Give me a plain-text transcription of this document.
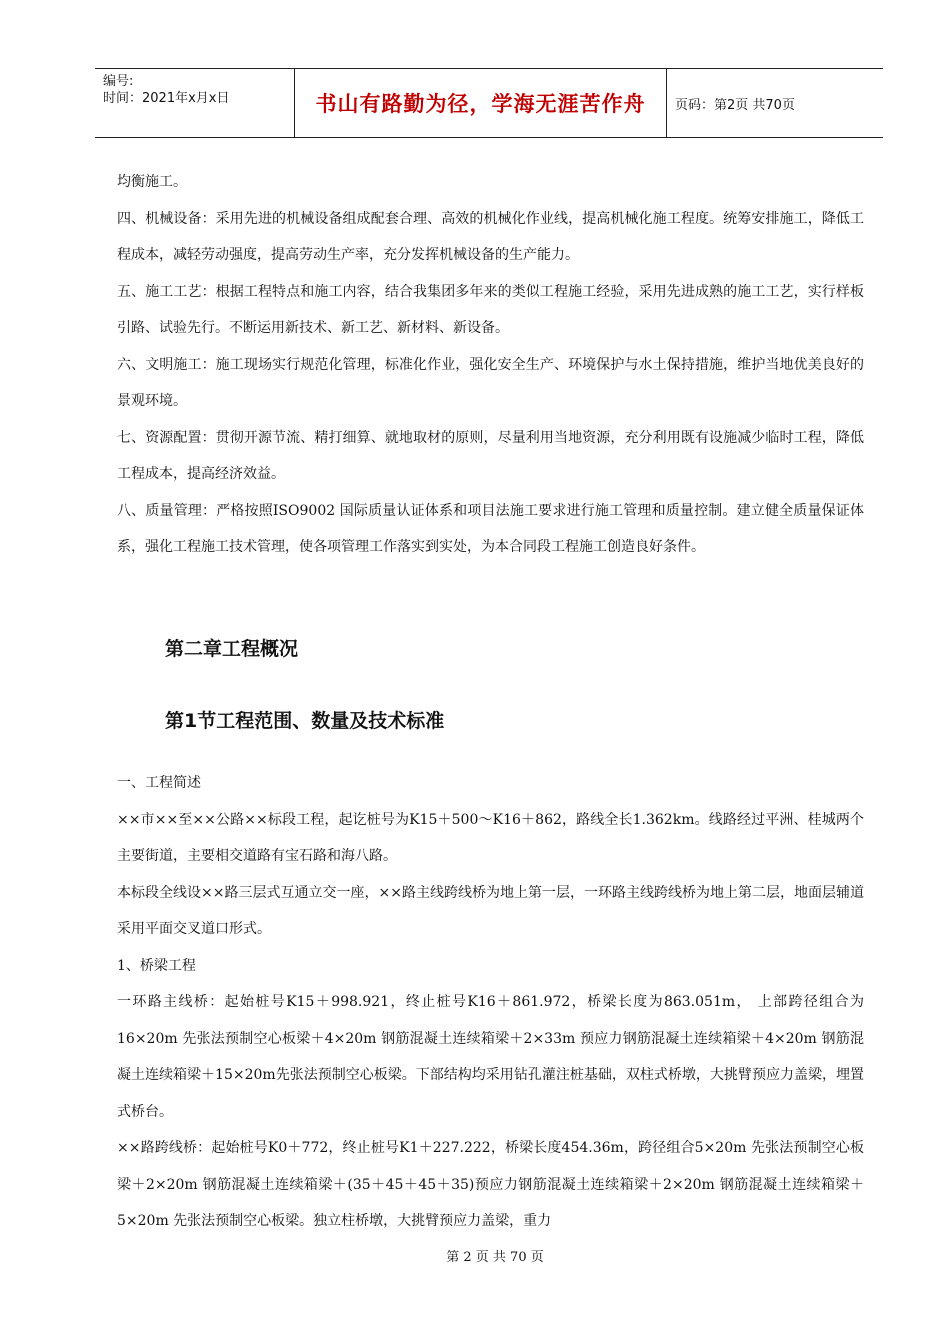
编号:
时间：2021年x月x日	书山有路勤为径，学海无涯苦作舟 页码：第2页 共70页

均衡施工。

四、机械设备：采用先进的机械设备组成配套合理、高效的机械化作业线，提高机械化施工程度。统筹安排施工，降低工程成本，减轻劳动强度，提高劳动生产率，充分发挥机械设备的生产能力。

五、施工工艺：根据工程特点和施工内容，结合我集团多年来的类似工程施工经验，采用先进成熟的施工工艺，实行样板引路、试验先行。不断运用新技术、新工艺、新材料、新设备。

六、文明施工：施工现场实行规范化管理，标准化作业，强化安全生产、环境保护与水土保持措施，维护当地优美良好的景观环境。

七、资源配置：贯彻开源节流、精打细算、就地取材的原则，尽量利用当地资源，充分利用既有设施减少临时工程，降低工程成本，提高经济效益。

八、质量管理：严格按照ISO9002 国际质量认证体系和项目法施工要求进行施工管理和质量控制。建立健全质量保证体系，强化工程施工技术管理，使各项管理工作落实到实处，为本合同段工程施工创造良好条件。

第二章工程概况
第1节工程范围、数量及技术标准

一、工程简述

××市××至××公路××标段工程，起讫桩号为K15＋500～K16＋862，路线全长1.362km。线路经过平洲、桂城两个主要街道，主要相交道路有宝石路和海八路。

本标段全线设××路三层式互通立交一座，××路主线跨线桥为地上第一层，一环路主线跨线桥为地上第二层，地面层辅道采用平面交叉道口形式。

1、桥梁工程

一环路主线桥：起始桩号K15＋998.921，终止桩号K16＋861.972，桥梁长度为863.051m， 上部跨径组合为16×20m 先张法预制空心板梁＋4×20m 钢筋混凝土连续箱梁＋2×33m 预应力钢筋混凝土连续箱梁＋4×20m 钢筋混凝土连续箱梁＋15×20m先张法预制空心板梁。下部结构均采用钻孔灌注桩基础，双柱式桥墩，大挑臂预应力盖梁，埋置式桥台。

××路跨线桥：起始桩号K0＋772，终止桩号K1＋227.222，桥梁长度454.36m，跨径组合5×20m 先张法预制空心板梁＋2×20m 钢筋混凝土连续箱梁＋(35＋45＋45＋35)预应力钢筋混凝土连续箱梁＋2×20m 钢筋混凝土连续箱梁＋5×20m 先张法预制空心板梁。独立柱桥墩，大挑臂预应力盖梁，重力

第 2 页 共 70 页
